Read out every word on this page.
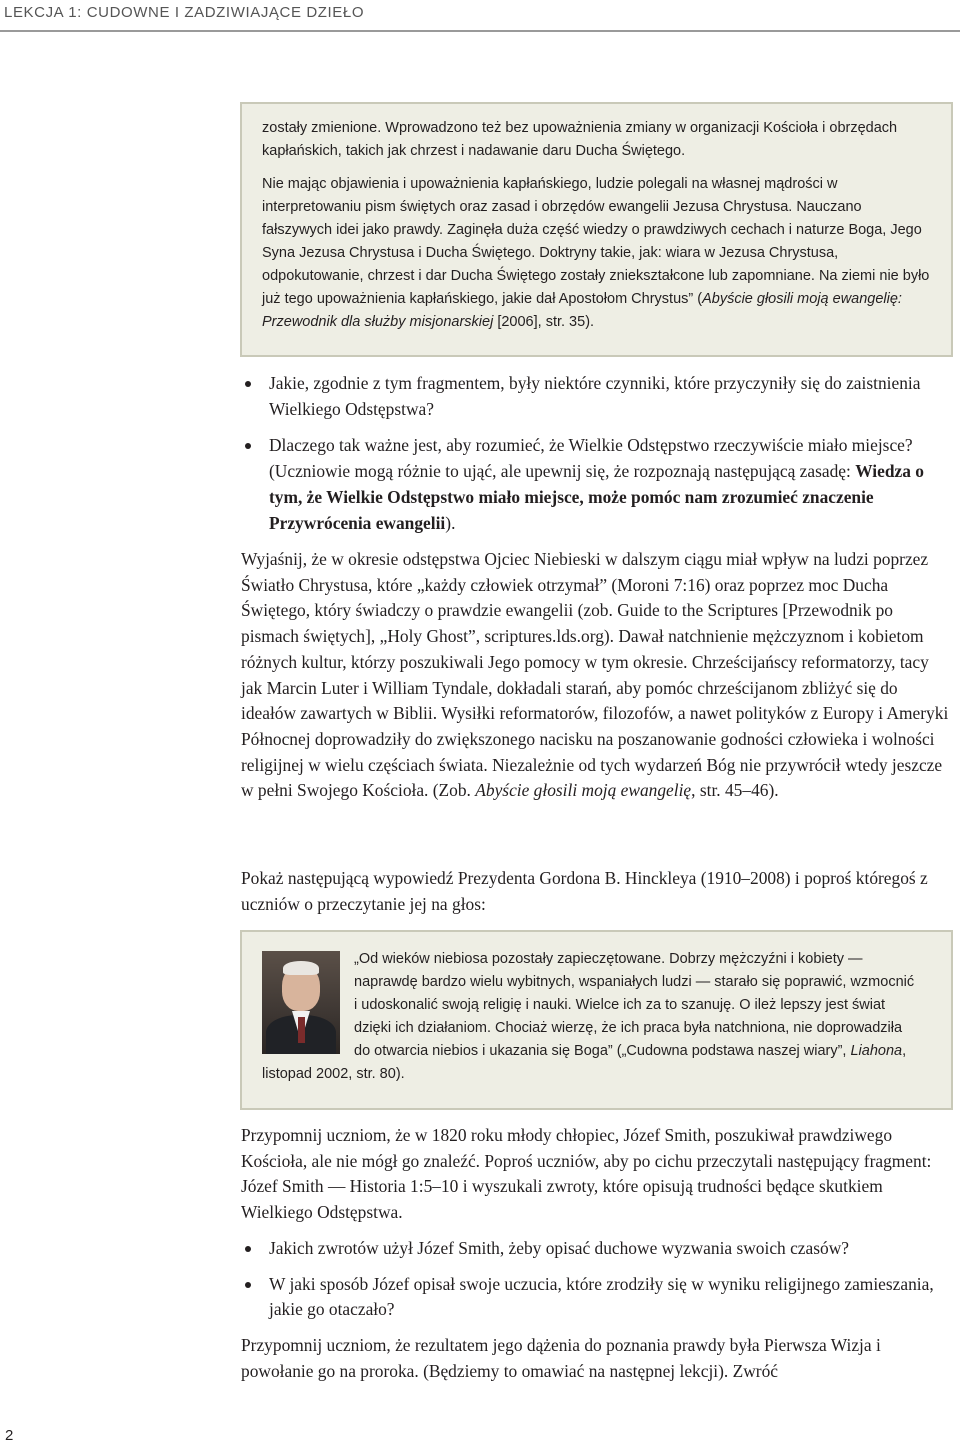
LEKCJA 1: CUDOWNE I ZADZIWIAJĄCE DZIEŁO

zostały zmienione. Wprowadzono też bez upoważnienia zmiany w organizacji Kościoła i obrzędach kapłańskich, takich jak chrzest i nadawanie daru Ducha Świętego.

Nie mając objawienia i upoważnienia kapłańskiego, ludzie polegali na własnej mądrości w interpretowaniu pism świętych oraz zasad i obrzędów ewangelii Jezusa Chrystusa. Nauczano fałszywych idei jako prawdy. Zaginęła duża część wiedzy o prawdziwych cechach i naturze Boga, Jego Syna Jezusa Chrystusa i Ducha Świętego. Doktryny takie, jak: wiara w Jezusa Chrystusa, odpokutowanie, chrzest i dar Ducha Świętego zostały zniekształcone lub zapomniane. Na ziemi nie było już tego upoważnienia kapłańskiego, jakie dał Apostołom Chrystus” (Abyście głosili moją ewangelię: Przewodnik dla służby misjonarskiej [2006], str. 35).

Jakie, zgodnie z tym fragmentem, były niektóre czynniki, które przyczyniły się do zaistnienia Wielkiego Odstępstwa?

Dlaczego tak ważne jest, aby rozumieć, że Wielkie Odstępstwo rzeczywiście miało miejsce? (Uczniowie mogą różnie to ująć, ale upewnij się, że rozpoznają następującą zasadę: Wiedza o tym, że Wielkie Odstępstwo miało miejsce, może pomóc nam zrozumieć znaczenie Przywrócenia ewangelii).

Wyjaśnij, że w okresie odstępstwa Ojciec Niebieski w dalszym ciągu miał wpływ na ludzi poprzez Światło Chrystusa, które „każdy człowiek otrzymał” (Moroni 7:16) oraz poprzez moc Ducha Świętego, który świadczy o prawdzie ewangelii (zob. Guide to the Scriptures [Przewodnik po pismach świętych], „Holy Ghost”, scriptures.lds.org). Dawał natchnienie mężczyznom i kobietom różnych kultur, którzy poszukiwali Jego pomocy w tym okresie. Chrześcijańscy reformatorzy, tacy jak Marcin Luter i William Tyndale, dokładali starań, aby pomóc chrześcijanom zbliżyć się do ideałów zawartych w Biblii. Wysiłki reformatorów, filozofów, a nawet polityków z Europy i Ameryki Północnej doprowadziły do zwiększonego nacisku na poszanowanie godności człowieka i wolności religijnej w wielu częściach świata. Niezależnie od tych wydarzeń Bóg nie przywrócił wtedy jeszcze w pełni Swojego Kościoła. (Zob. Abyście głosili moją ewangelię, str. 45–46).

Pokaż następującą wypowiedź Prezydenta Gordona B. Hinckleya (1910–2008) i poproś któregoś z uczniów o przeczytanie jej na głos:

„Od wieków niebiosa pozostały zapieczętowane. Dobrzy mężczyźni i kobiety —
naprawdę bardzo wielu wybitnych, wspaniałych ludzi — starało się poprawić, wzmocnić
i udoskonalić swoją religię i nauki. Wielce ich za to szanuję. O ileż lepszy jest świat
dzięki ich działaniom. Chociaż wierzę, że ich praca była natchniona, nie doprowadziła
do otwarcia niebios i ukazania się Boga” („Cudowna podstawa naszej wiary”, Liahona,
listopad 2002, str. 80).

Przypomnij uczniom, że w 1820 roku młody chłopiec, Józef Smith, poszukiwał prawdziwego Kościoła, ale nie mógł go znaleźć. Poproś uczniów, aby po cichu przeczytali następujący fragment: Józef Smith — Historia 1:5–10 i wyszukali zwroty, które opisują trudności będące skutkiem Wielkiego Odstępstwa.

Jakich zwrotów użył Józef Smith, żeby opisać duchowe wyzwania swoich czasów?

W jaki sposób Józef opisał swoje uczucia, które zrodziły się w wyniku religijnego zamieszania, jakie go otaczało?

Przypomnij uczniom, że rezultatem jego dążenia do poznania prawdy była Pierwsza Wizja i powołanie go na proroka. (Będziemy to omawiać na następnej lekcji). Zwróć

2
